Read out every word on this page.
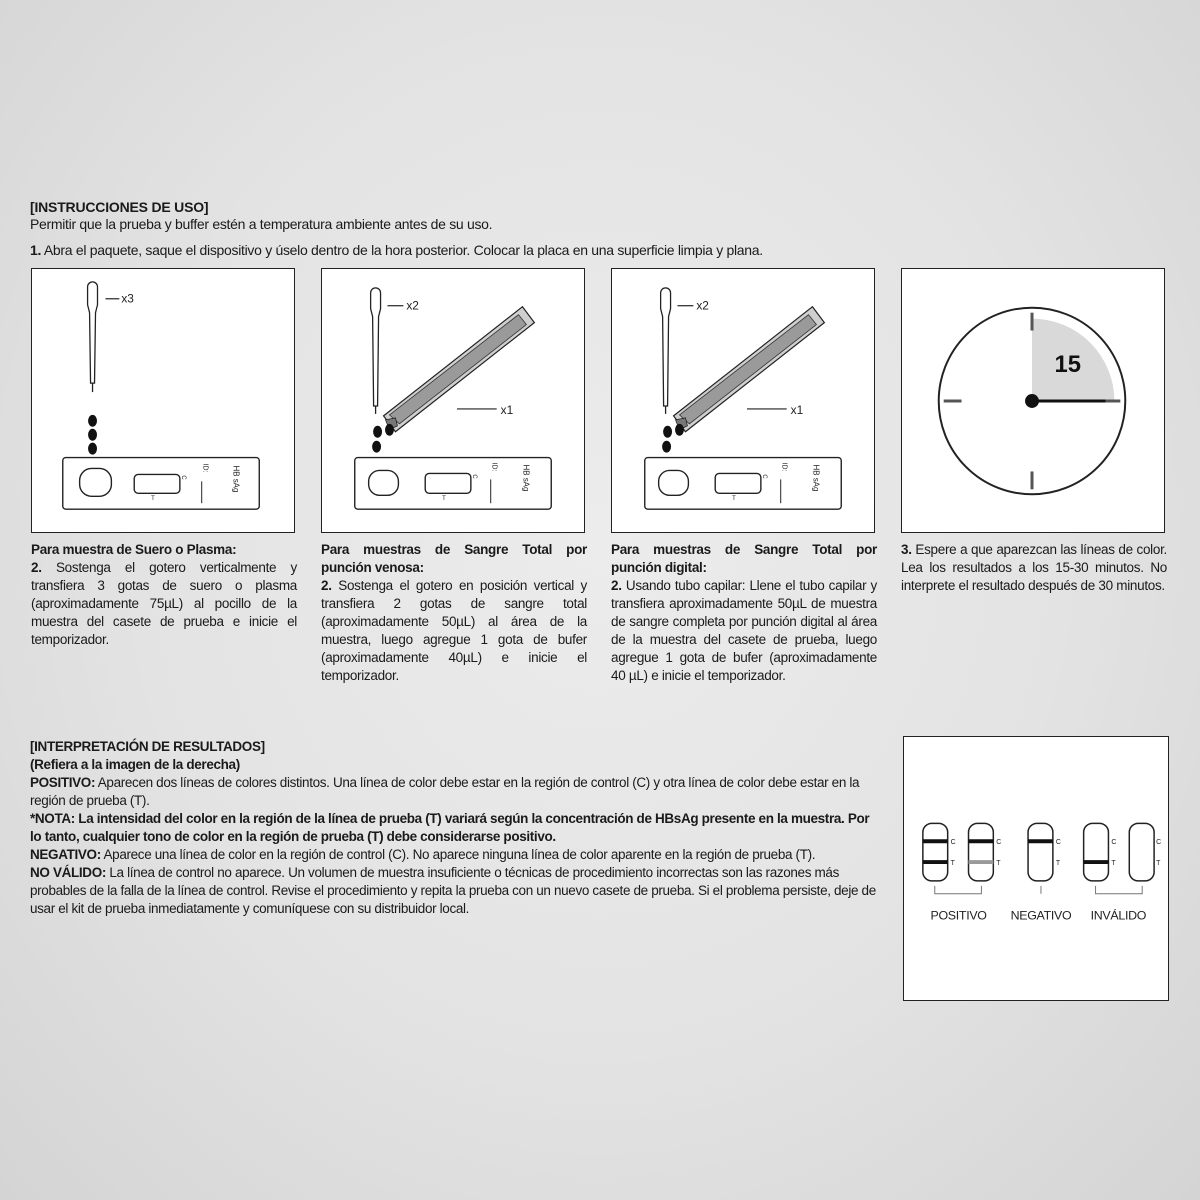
[INSTRUCCIONES DE USO]
Permitir que la prueba y buffer estén a temperatura ambiente antes de su uso.
1. Abra el paquete, saque el dispositivo y úselo dentro de la hora posterior. Colocar la placa en una superficie limpia y plana.
x3
C
T
ID:	HB sAg
Para muestra de Suero o Plasma:
2. Sostenga el gotero verticalmente y transfiera 3 gotas de suero o plasma (aproximadamente 75µL) al pocillo de la muestra del casete de prueba e inicie el temporizador.
x2
x1
C
T
ID:	HB sAg
Para muestras de Sangre Total por punción venosa:
2. Sostenga el gotero en posición vertical y transfiera 2 gotas de sangre total (aproximadamente 50µL) al área de la muestra, luego agregue 1 gota de bufer (aproximadamente 40µL) e inicie el temporizador.
x2
x1
C
T
ID:	HB sAg
Para muestras de Sangre Total por punción digital:
2. Usando tubo capilar: Llene el tubo capilar y transfiera aproximadamente 50µL de muestra de sangre completa por punción digital al área de la muestra del casete de prueba, luego agregue 1 gota de bufer (aproximadamente 40 µL) e inicie el temporizador.
15
3. Espere a que aparezcan las líneas de color. Lea los resultados a los 15-30 minutos. No interprete el resultado después de 30 minutos.

[INTERPRETACIÓN DE RESULTADOS]

(Refiera a la imagen de la derecha)

POSITIVO: Aparecen dos líneas de colores distintos. Una línea de color debe estar en la región de control (C) y otra línea de color debe estar en la región de prueba (T).

*NOTA: La intensidad del color en la región de la línea de prueba (T) variará según la concentración de HBsAg presente en la muestra. Por lo tanto, cualquier tono de color en la región de prueba (T) debe considerarse positivo.

NEGATIVO: Aparece una línea de color en la región de control (C). No aparece ninguna línea de color aparente en la región de prueba (T).

NO VÁLIDO: La línea de control no aparece. Un volumen de muestra insuficiente o técnicas de procedimiento incorrectas son las razones más probables de la falla de la línea de control. Revise el procedimiento y repita la prueba con un nuevo casete de prueba. Si el problema persiste, deje de usar el kit de prueba inmediatamente y comuníquese con su distribuidor local.

C
T
C
T
C
T
C
T
C
T
POSITIVO NEGATIVO INVÁLIDO
